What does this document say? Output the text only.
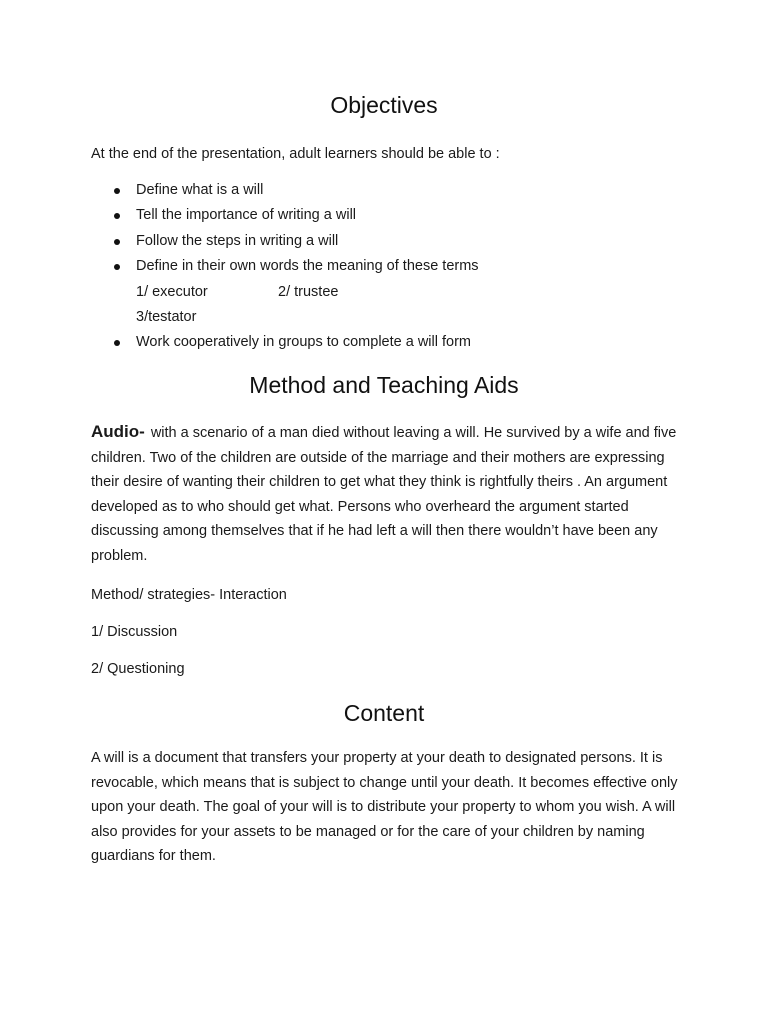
Objectives

At the end of the presentation, adult learners should be able to :

Define what is a will
Tell the importance of writing a will
Follow the steps in writing a will
Define in their own words the meaning of these terms
1/ executor	2/ trustee
3/testator
Work cooperatively in groups to complete a will form
Method and Teaching Aids

Audio- with a scenario of a man died without leaving a will. He survived by a wife and five children. Two of the children are outside of the marriage and their mothers are expressing their desire of wanting their children to get what they think is rightfully theirs . An argument developed as to who should get what. Persons who overheard the argument started discussing among themselves that if he had left a will then there wouldn’t have been any problem.

Method/ strategies- Interaction

1/ Discussion

2/ Questioning

Content

A will is a document that transfers your property at your death to designated persons. It is revocable, which means that is subject to change until your death. It becomes effective only upon your death. The goal of your will is to distribute your property to whom you wish. A will also provides for your assets to be managed or for the care of your children by naming guardians for them.
